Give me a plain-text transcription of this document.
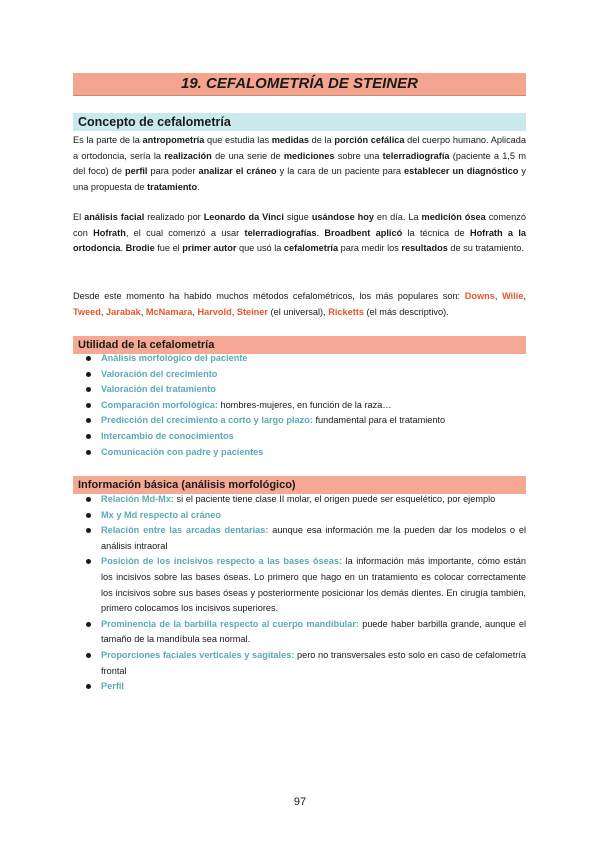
19. CEFALOMETRÍA DE STEINER
Concepto de cefalometría

Es la parte de la antropometría que estudia las medidas de la porción cefálica del cuerpo humano. Aplicada a ortodoncia, sería la realización de una serie de mediciones sobre una telerradiografía (paciente a 1,5 m del foco) de perfil para poder analizar el cráneo y la cara de un paciente para establecer un diagnóstico y una propuesta de tratamiento.

El análisis facial realizado por Leonardo da Vinci sigue usándose hoy en día. La medición ósea comenzó con Hofrath, el cual comenzó a usar telerradiografías. Broadbent aplicó la técnica de Hofrath a la ortodoncia. Brodie fue el primer autor que usó la cefalometría para medir los resultados de su tratamiento.

Desde este momento ha habido muchos métodos cefalométricos, los más populares son: Downs, Wilie, Tweed, Jarabak, McNamara, Harvold, Steiner (el universal), Ricketts (el más descriptivo).

Utilidad de la cefalometría
Análisis morfológico del paciente
Valoración del crecimiento
Valoración del tratamiento
Comparación morfológica: hombres-mujeres, en función de la raza…
Predicción del crecimiento a corto y largo plazo: fundamental para el tratamiento
Intercambio de conocimientos
Comunicación con padre y pacientes
Información básica (análisis morfológico)
Relación Md-Mx: si el paciente tiene clase II molar, el origen puede ser esquelético, por ejemplo
Mx y Md respecto al cráneo
Relación entre las arcadas dentarias: aunque esa información me la pueden dar los modelos o el análisis intraoral
Posición de los incisivos respecto a las bases óseas: la información más importante, cómo están los incisivos sobre las bases óseas. Lo primero que hago en un tratamiento es colocar correctamente los incisivos sobre sus bases óseas y posteriormente posicionar los demás dientes. En cirugía también, primero colocamos los incisivos superiores.
Prominencia de la barbilla respecto al cuerpo mandibular: puede haber barbilla grande, aunque el tamaño de la mandíbula sea normal.
Proporciones faciales verticales y sagitales: pero no transversales esto solo en caso de cefalometría frontal
Perfil
97
